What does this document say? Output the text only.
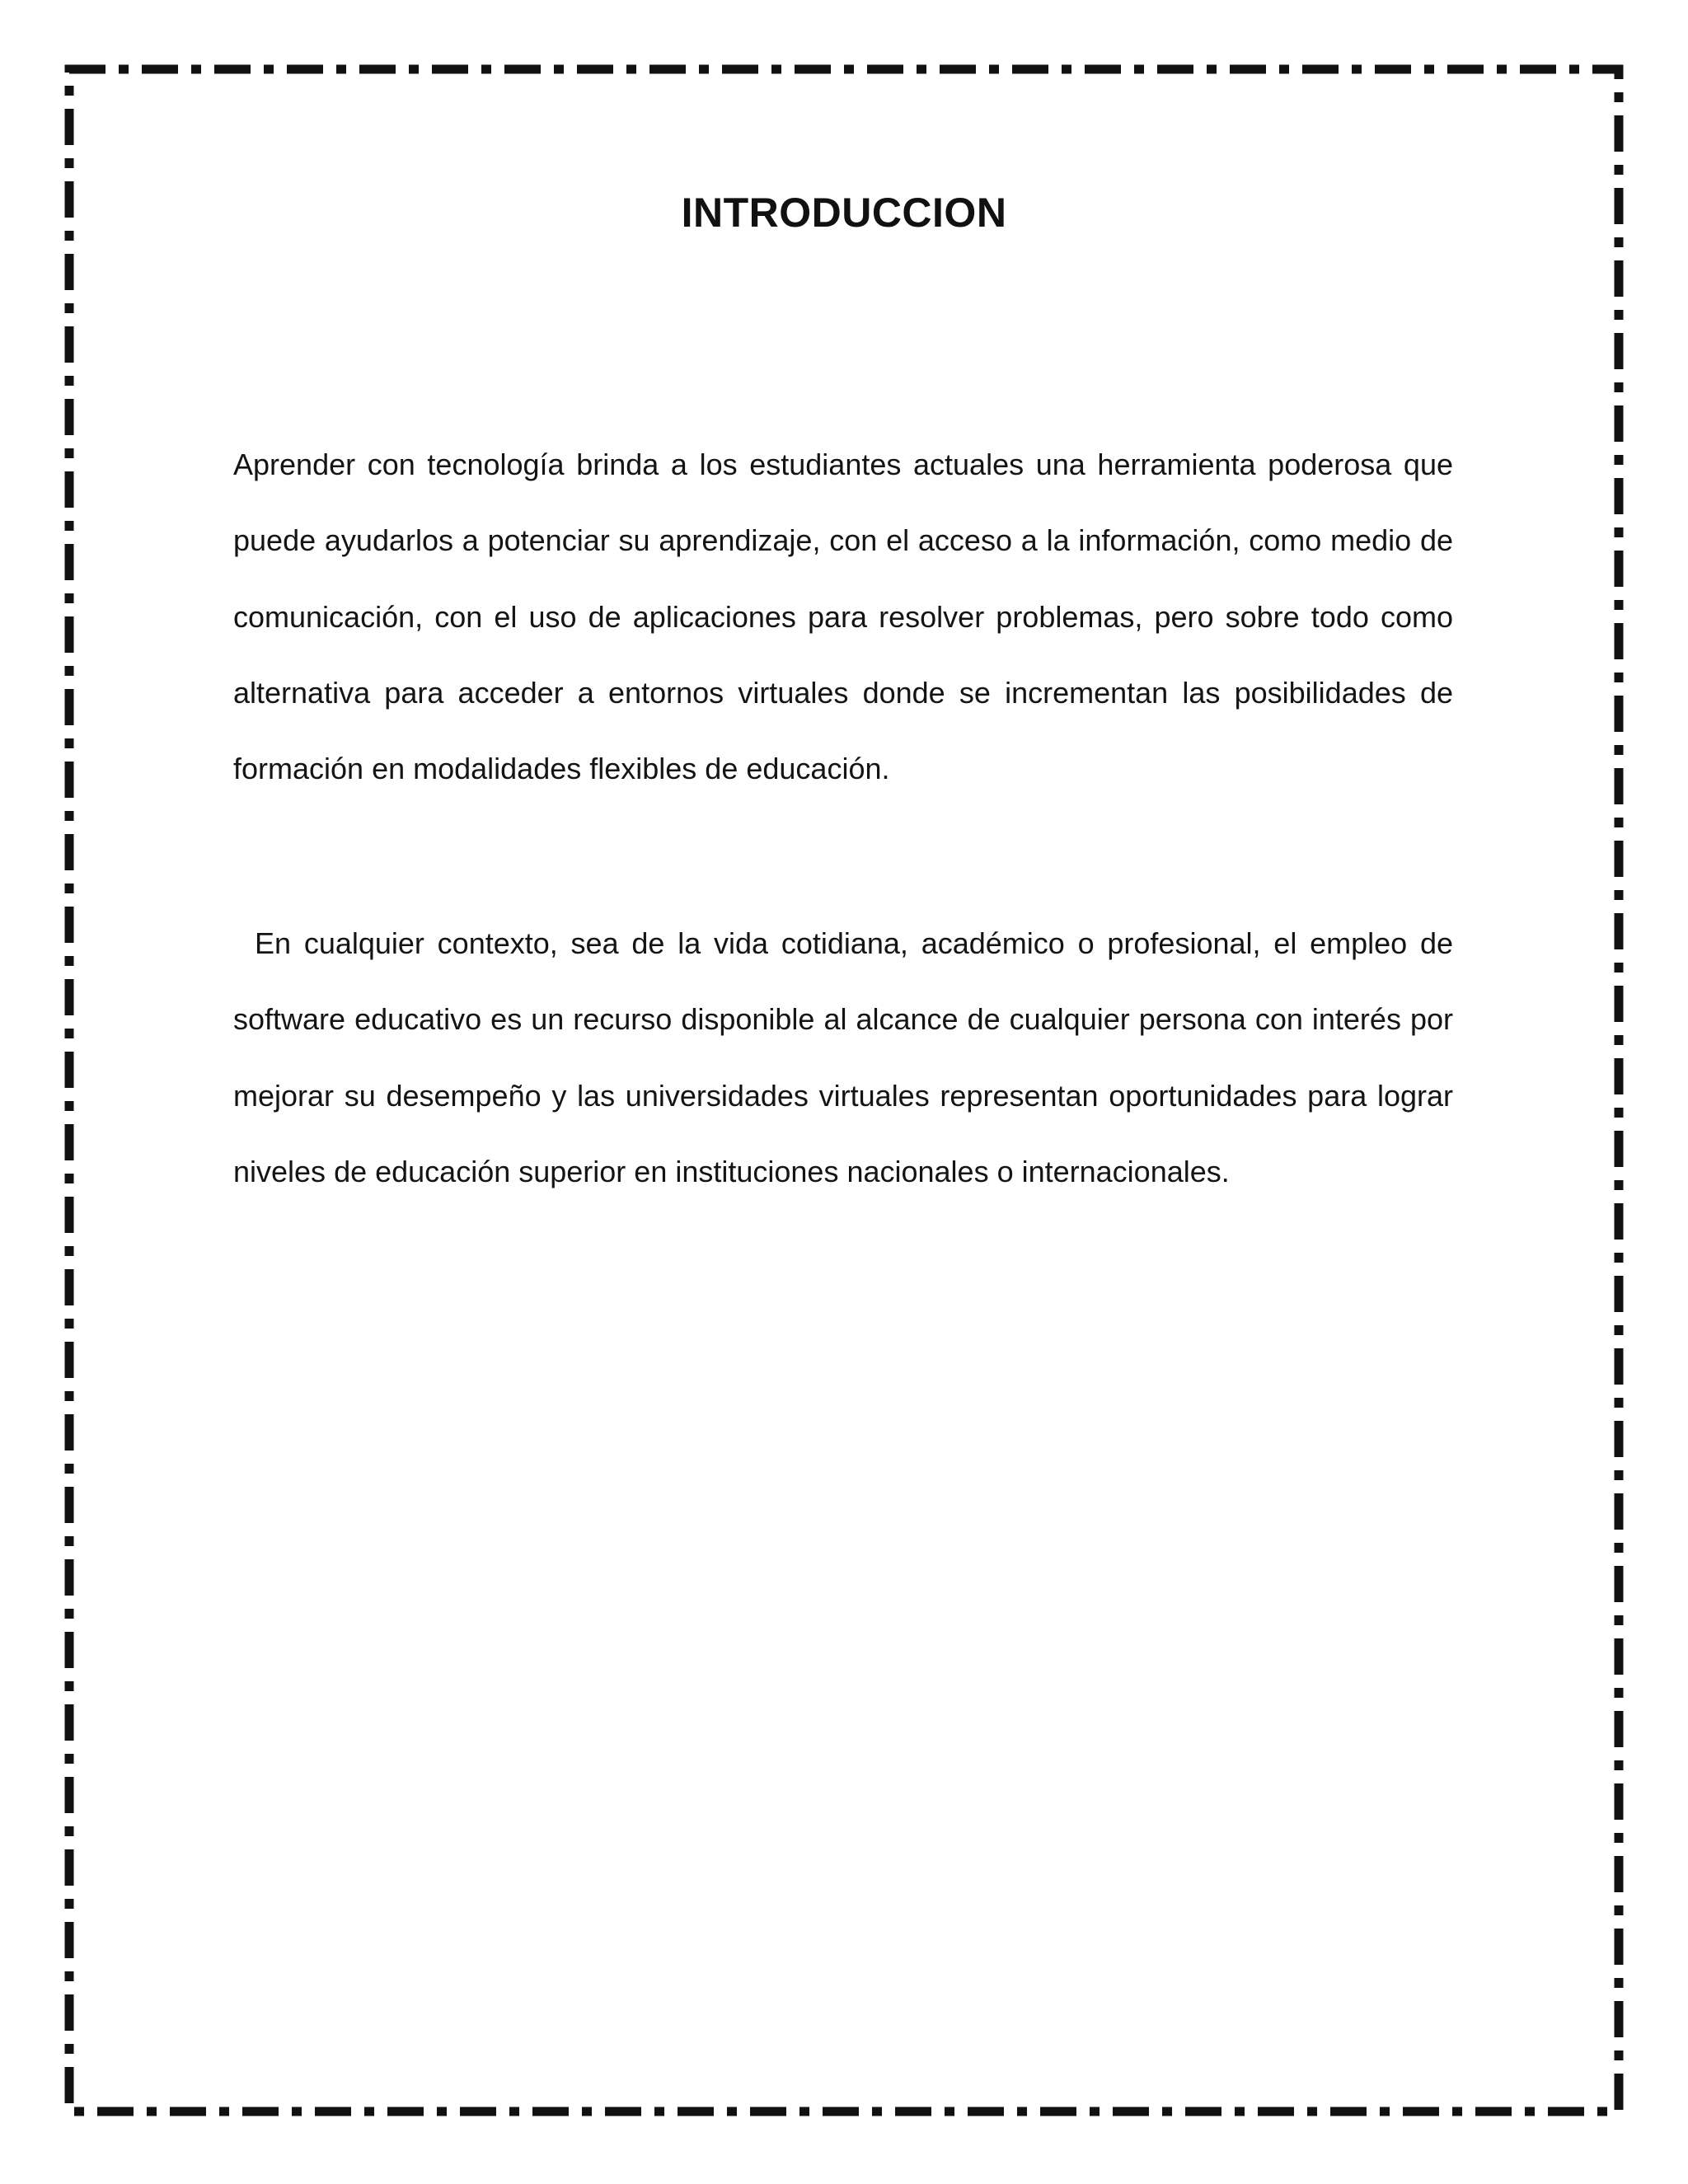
INTRODUCCION

Aprender con tecnología brinda a los estudiantes actuales una herramienta poderosa que puede ayudarlos a potenciar su aprendizaje, con el acceso a la información, como medio de comunicación, con el uso de aplicaciones para resolver problemas, pero sobre todo como alternativa para acceder a entornos virtuales donde se incrementan las posibilidades de formación en modalidades flexibles de educación.

En cualquier contexto, sea de la vida cotidiana, académico o profesional, el empleo de software educativo es un recurso disponible al alcance de cualquier persona con interés por mejorar su desempeño y las universidades virtuales representan oportunidades para lograr niveles de educación superior en instituciones nacionales o internacionales.
